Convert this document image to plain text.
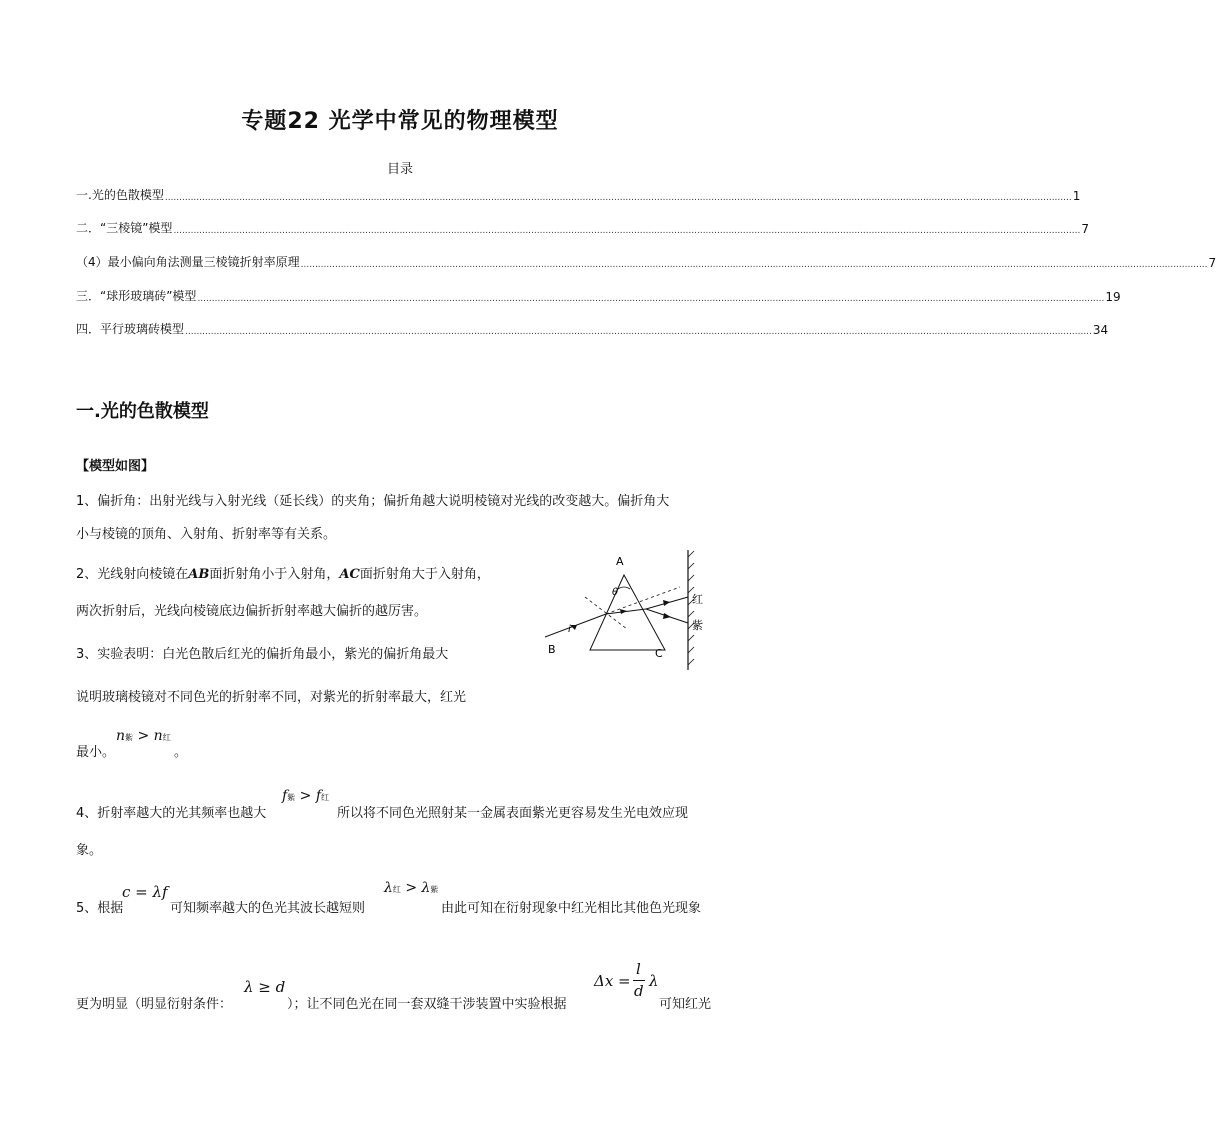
专题22 光学中常见的物理模型
目录
一.光的色散模型 ............................................................................................................................................................................................................................................................................................................................. 1
二．“三棱镜”模型 ............................................................................................................................................................................................................................................................................................................................. 7
（4）最小偏向角法测量三棱镜折射率原理 ............................................................................................................................................................................................................................................................................................................................. 7
三．“球形玻璃砖”模型 ............................................................................................................................................................................................................................................................................................................................. 19
四．平行玻璃砖模型 ............................................................................................................................................................................................................................................................................................................................. 34
一.光的色散模型
【模型如图】
1、偏折角：出射光线与入射光线（延长线）的夹角；偏折角越大说明棱镜对光线的改变越大。偏折角大
小与棱镜的顶角、入射角、折射率等有关系。
2、光线射向棱镜在AB面折射角小于入射角，AC面折射角大于入射角，
两次折射后，光线向棱镜底边偏折折射率越大偏折的越厉害。
3、实验表明：白光色散后红光的偏折角最小，紫光的偏折角最大
说明玻璃棱镜对不同色光的折射率不同，对紫光的折射率最大，红光
最小。
n紫 > n红
。
4、折射率越大的光其频率也越大
f紫 > f红
所以将不同色光照射某一金属表面紫光更容易发生光电效应现
象。
5、根据
c = λf
可知频率越大的色光其波长越短则
λ红 > λ紫
由此可知在衍射现象中红光相比其他色光现象
更为明显（明显衍射条件：
λ ≥ d
）；让不同色光在同一套双缝干涉装置中实验根据
Δx =
l
d
λ
可知红光
A
B	C
θ
i
红
紫
